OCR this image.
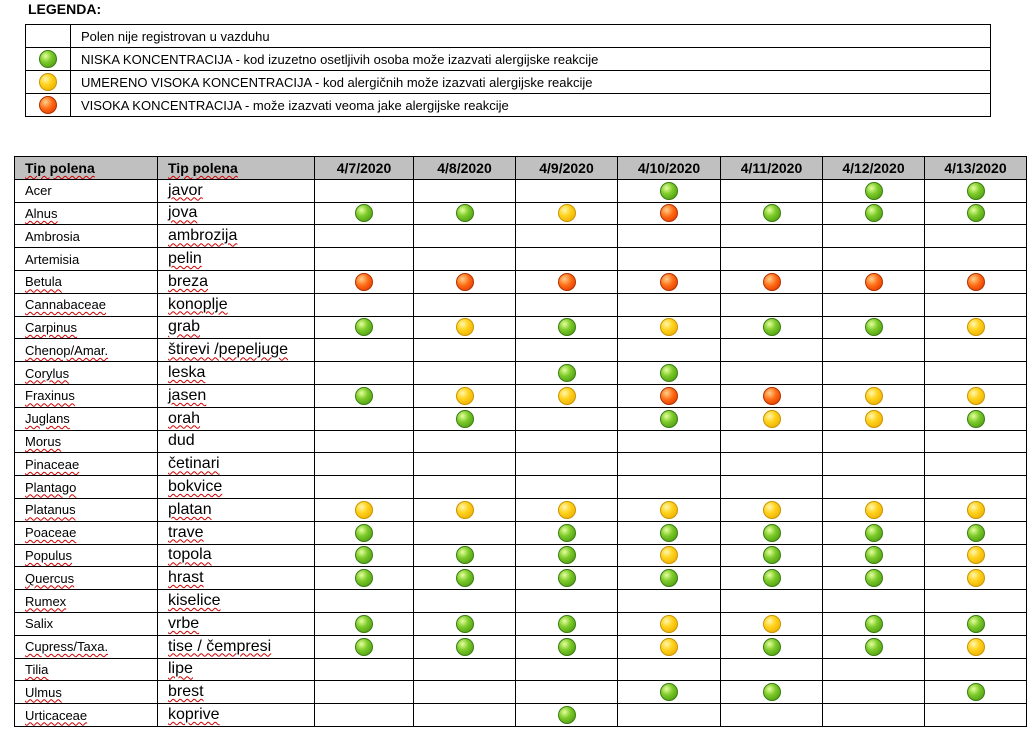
LEGENDA:
	Polen nije registrovan u vazduhu
	NISKA KONCENTRACIJA - kod izuzetno osetljivih osoba može izazvati alergijske reakcije
	UMERENO VISOKA KONCENTRACIJA - kod alergičnih može izazvati alergijske reakcije
	VISOKA KONCENTRACIJA - može izazvati veoma jake alergijske reakcije
Tip polena	Tip polena	4/7/2020	4/8/2020	4/9/2020	4/10/2020	4/11/2020	4/12/2020	4/13/2020
Acer	javor							
Alnus	jova							
Ambrosia	ambrozija							
Artemisia	pelin							
Betula	breza							
Cannabaceae	konoplje							
Carpinus	grab							
Chenop/Amar.	štirevi /pepeljuge							
Corylus	leska							
Fraxinus	jasen							
Juglans	orah							
Morus	dud							
Pinaceae	četinari							
Plantago	bokvice							
Platanus	platan							
Poaceae	trave							
Populus	topola							
Quercus	hrast							
Rumex	kiselice							
Salix	vrbe							
Cupress/Taxa.	tise / čempresi							
Tilia	lipe							
Ulmus	brest							
Urticaceae	koprive							
